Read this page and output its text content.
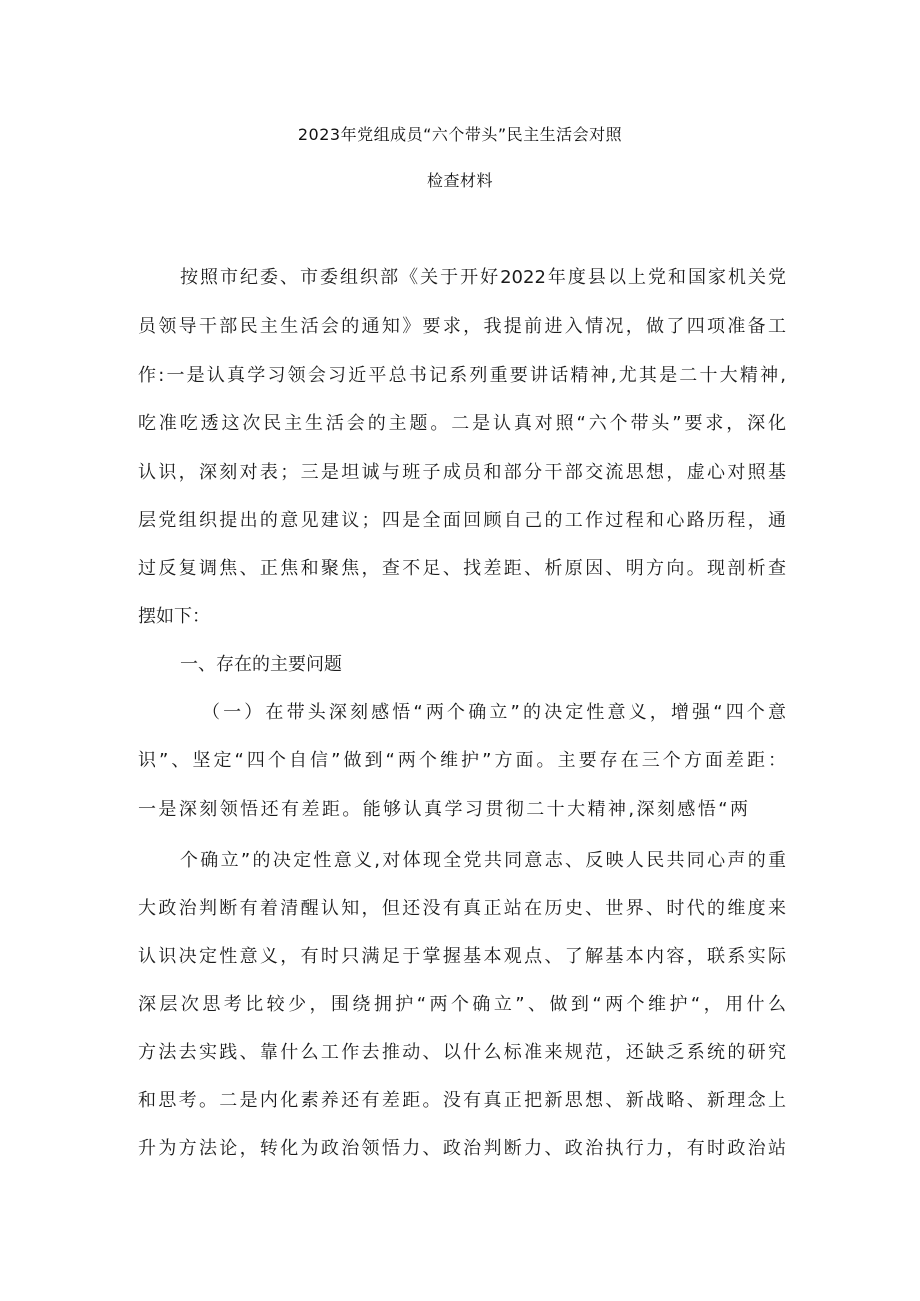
2023年党组成员“六个带头”民主生活会对照
检查材料
按照市纪委、市委组织部《关于开好2022年度县以上党和国家机关党
员领导干部民主生活会的通知》要求，我提前进入情况，做了四项准备工
作:一是认真学习领会习近平总书记系列重要讲话精神,尤其是二十大精神,
吃准吃透这次民主生活会的主题。二是认真对照“六个带头”要求，深化
认识，深刻对表；三是坦诚与班子成员和部分干部交流思想，虚心对照基
层党组织提出的意见建议；四是全面回顾自己的工作过程和心路历程，通
过反复调焦、正焦和聚焦，查不足、找差距、析原因、明方向。现剖析查
摆如下：
一、存在的主要问题
（一）在带头深刻感悟“两个确立”的决定性意义，增强“四个意
识”、坚定“四个自信”做到“两个维护”方面。主要存在三个方面差距：
一是深刻领悟还有差距。能够认真学习贯彻二十大精神,深刻感悟“两
个确立”的决定性意义,对体现全党共同意志、反映人民共同心声的重
大政治判断有着清醒认知，但还没有真正站在历史、世界、时代的维度来
认识决定性意义，有时只满足于掌握基本观点、了解基本内容，联系实际
深层次思考比较少，围绕拥护“两个确立”、做到“两个维护“，用什么
方法去实践、靠什么工作去推动、以什么标准来规范，还缺乏系统的研究
和思考。二是内化素养还有差距。没有真正把新思想、新战略、新理念上
升为方法论，转化为政治领悟力、政治判断力、政治执行力，有时政治站
